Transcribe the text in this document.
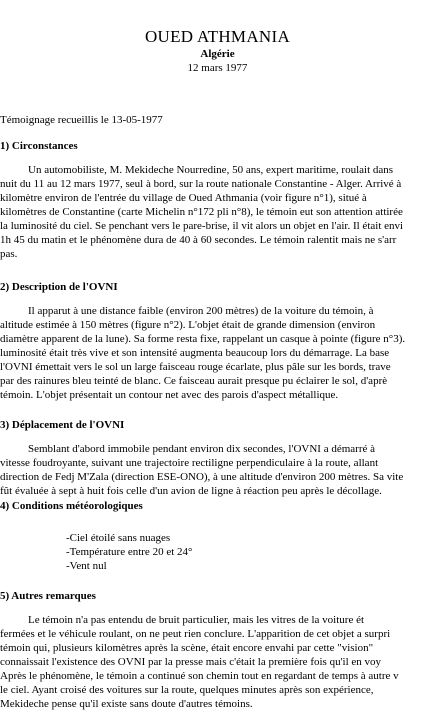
OUED ATHMANIA
Algérie
12 mars 1977
Témoignage recueillis le 13-05-1977
1) Circonstances
Un automobiliste, M. Mekideche Nourredine, 50 ans, expert maritime, roulait dans
nuit du 11 au 12 mars 1977, seul à bord, sur la route nationale Constantine - Alger. Arrivé à
kilomètre environ de l'entrée du village de Oued Athmania (voir figure n°1), situé à
kilomètres de Constantine (carte Michelin n°172 pli n°8), le témoin eut son attention attirée
la luminosité du ciel. Se penchant vers le pare-brise, il vit alors un objet en l'air. Il était envi
1h 45 du matin et le phénomène dura de 40 à 60 secondes. Le témoin ralentit mais ne s'arr
pas.
2) Description de l'OVNI
Il apparut à une distance faible (environ 200 mètres) de la voiture du témoin, à
altitude estimée à 150 mètres (figure n°2). L'objet était de grande dimension (environ
diamètre apparent de la lune). Sa forme resta fixe, rappelant un casque à pointe (figure n°3).
luminosité était très vive et son intensité augmenta beaucoup lors du démarrage. La base
l'OVNI émettait vers le sol un large faisceau rouge écarlate, plus pâle sur les bords, trave
par des rainures bleu teinté de blanc. Ce faisceau aurait presque pu éclairer le sol, d'aprè
témoin. L'objet présentait un contour net avec des parois d'aspect métallique.
3) Déplacement de l'OVNI
Semblant d'abord immobile pendant environ dix secondes, l'OVNI a démarré à
vitesse foudroyante, suivant une trajectoire rectiligne perpendiculaire à la route, allant
direction de Fedj M'Zala (direction ESE-ONO), à une altitude d'environ 200 mètres. Sa vite
fût évaluée à sept à huit fois celle d'un avion de ligne à réaction peu après le décollage.
4) Conditions météorologiques
-Ciel étoilé sans nuages
-Température entre 20 et 24°
-Vent nul
5) Autres remarques
Le témoin n'a pas entendu de bruit particulier, mais les vitres de la voiture ét
fermées et le véhicule roulant, on ne peut rien conclure. L'apparition de cet objet a surpri
témoin qui, plusieurs kilomètres après la scène, était encore envahi par cette "vision"
connaissait l'existence des OVNI par la presse mais c'était la première fois qu'il en voy
Après le phénomène, le témoin a continué son chemin tout en regardant de temps à autre v
le ciel. Ayant croisé des voitures sur la route, quelques minutes après son expérience,
Mekideche pense qu'il existe sans doute d'autres témoins.
